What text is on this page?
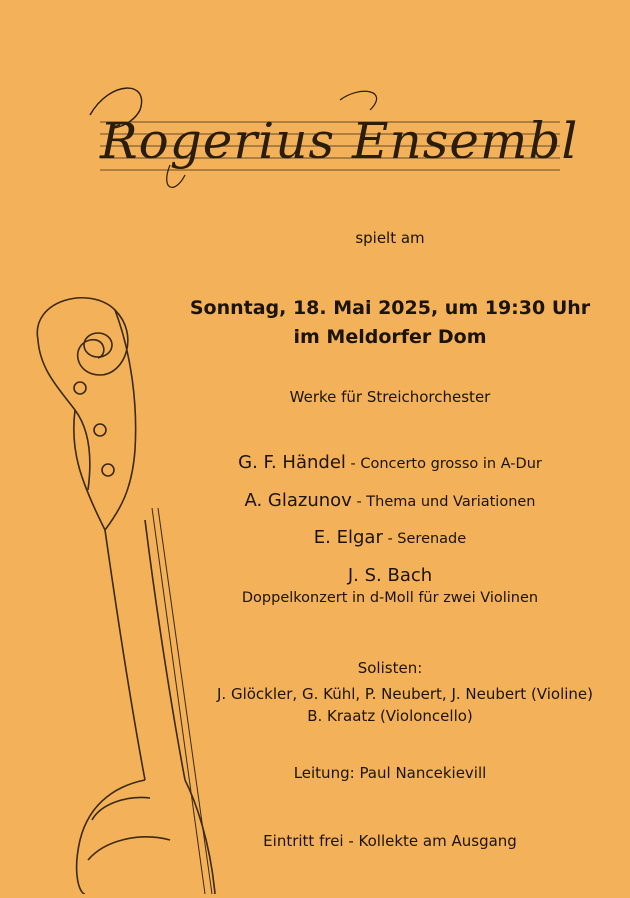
Rogerius Ensemble
spielt am
Sonntag, 18. Mai 2025, um 19:30 Uhr
im Meldorfer Dom
Werke für Streichorchester
G. F. Händel - Concerto grosso in A-Dur
A. Glazunov - Thema und Variationen
E. Elgar - Serenade
J. S. Bach
Doppelkonzert in d-Moll für zwei Violinen
Solisten:
J. Glöckler, G. Kühl, P. Neubert, J. Neubert (Violine)
B. Kraatz (Violoncello)
Leitung: Paul Nancekievill
Eintritt frei - Kollekte am Ausgang
